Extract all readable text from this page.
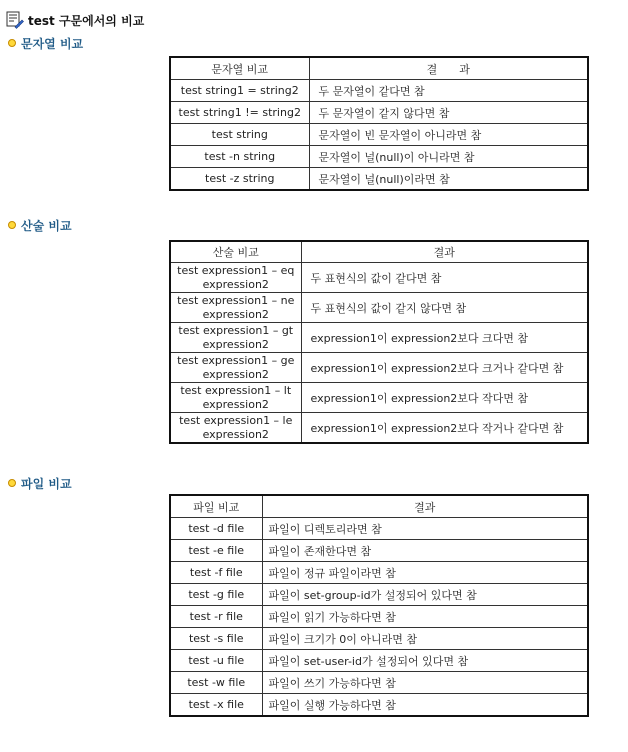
test 구문에서의 비교
문자열 비교
문자열 비교	결　　과
test string1 = string2	두 문자열이 같다면 참
test string1 != string2	두 문자열이 같지 않다면 참
test string	문자열이 빈 문자열이 아니라면 참
test -n string	문자열이 널(null)이 아니라면 참
test -z string	문자열이 널(null)이라면 참
산술 비교
산술 비교	결과
test expression1 – eq expression2	두 표현식의 값이 같다면 참
test expression1 – ne expression2	두 표현식의 값이 같지 않다면 참
test expression1 – gt expression2	expression1이 expression2보다 크다면 참
test expression1 – ge expression2	expression1이 expression2보다 크거나 같다면 참
test expression1 – lt expression2	expression1이 expression2보다 작다면 참
test expression1 – le expression2	expression1이 expression2보다 작거나 같다면 참
파일 비교
파일 비교	결과
test -d file	파일이 디렉토리라면 참
test -e file	파일이 존재한다면 참
test -f file	파일이 정규 파일이라면 참
test -g file	파일이 set-group-id가 설정되어 있다면 참
test -r file	파일이 읽기 가능하다면 참
test -s file	파일이 크기가 0이 아니라면 참
test -u file	파일이 set-user-id가 설정되어 있다면 참
test -w file	파일이 쓰기 가능하다면 참
test -x file	파일이 실행 가능하다면 참
